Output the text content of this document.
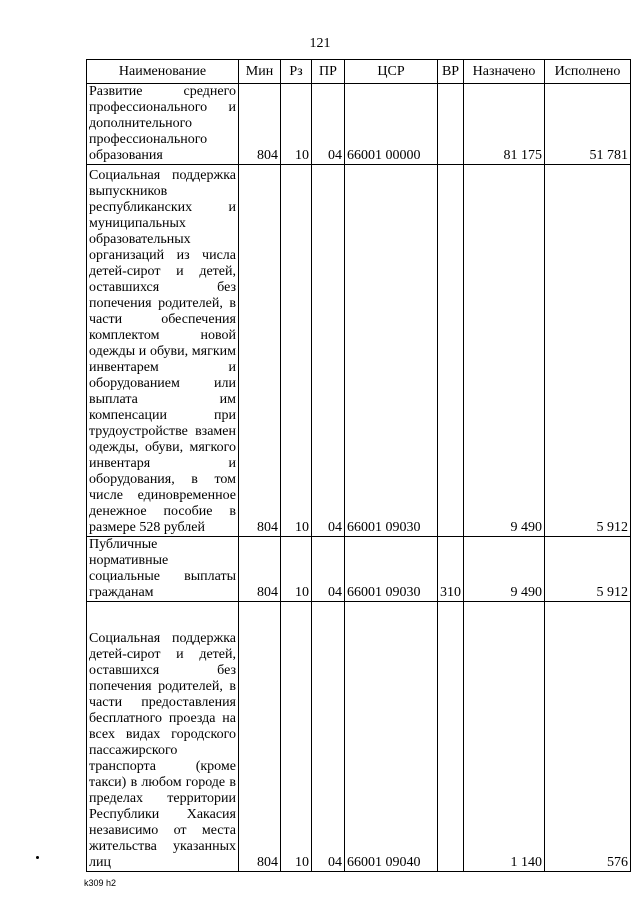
121
Наименование	Мин	Рз	ПР	ЦСР	ВР	Назначено	Исполнено

Развитие среднего профессионального и дополнительного профессионального образования	804	10	04	66001 00000		81 175	51 781

Социальная поддержка выпускников республиканских и муниципальных образовательных организаций из числа детей-сирот и детей, оставшихся без попечения родителей, в части обеспечения комплектом новой одежды и обуви, мягким инвентарем и оборудованием или выплата им компенсации при трудоустройстве взамен одежды, обуви, мягкого инвентаря и оборудования, в том числе единовременное денежное пособие в размере 528 рублей	804	10	04	66001 09030		9 490	5 912

Публичные нормативные социальные выплаты гражданам	804	10	04	66001 09030	310	9 490	5 912

Социальная поддержка детей-сирот и детей, оставшихся без попечения родителей, в части предоставления бесплатного проезда на всех видах городского пассажирского транспорта (кроме такси) в любом городе в пределах территории Республики Хакасия независимо от места жительства указанных лиц	804	10	04	66001 09040		1 140	576
k309 h2
